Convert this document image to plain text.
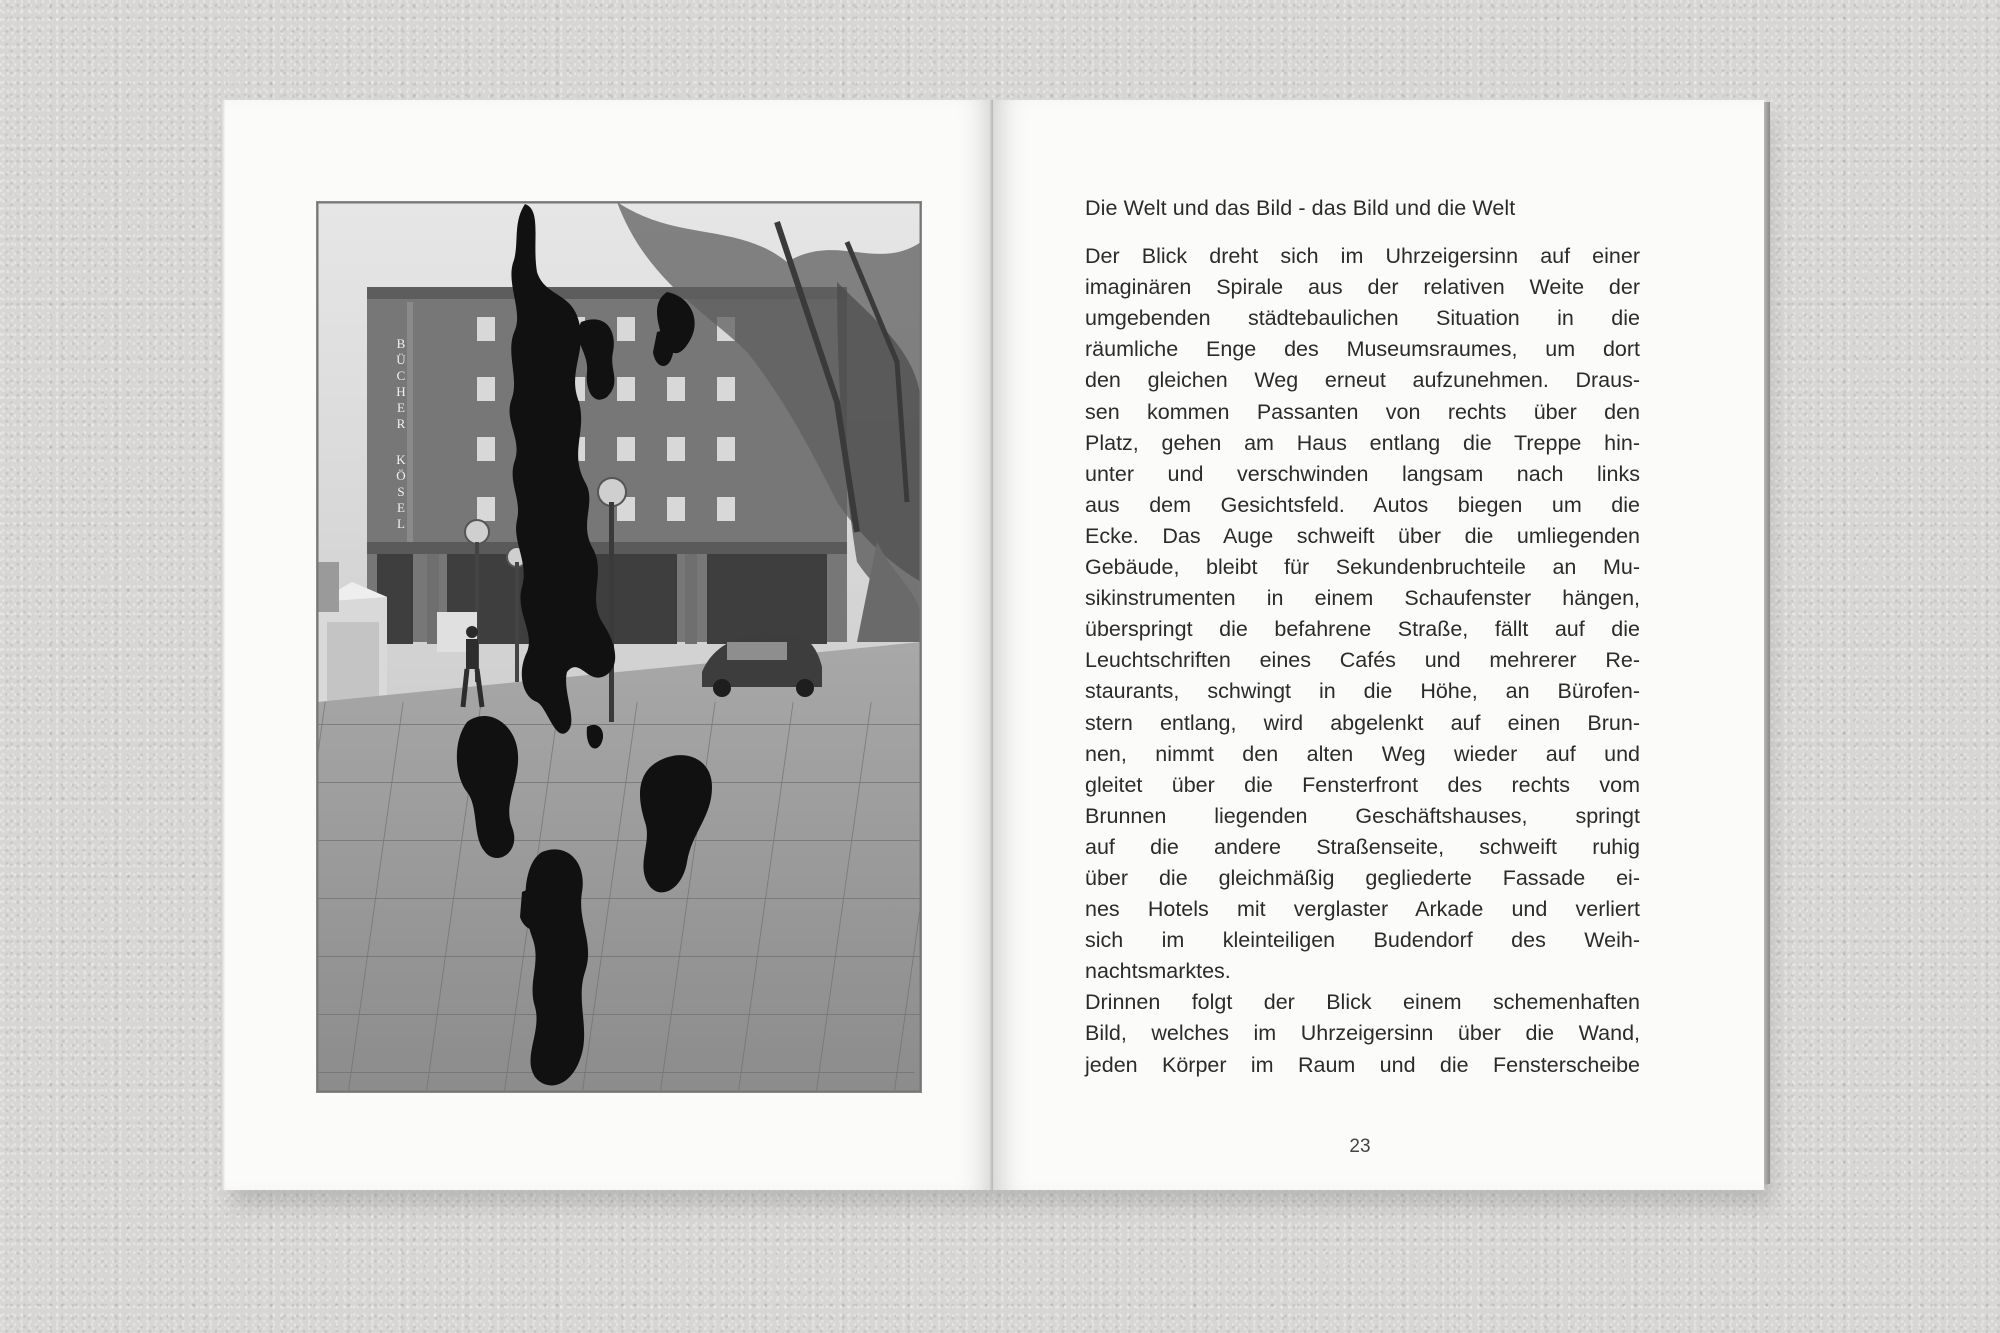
B
Ü
C
H
E
R
K
Ö
S
E
L
Die Welt und das Bild - das Bild und die Welt
Der Blick dreht sich im Uhrzeigersinn auf einer
imaginären Spirale aus der relativen Weite der
umgebenden städtebaulichen Situation in die
räumliche Enge des Museumsraumes, um dort
den gleichen Weg erneut aufzunehmen. Draus-
sen kommen Passanten von rechts über den
Platz, gehen am Haus entlang die Treppe hin-
unter und verschwinden langsam nach links
aus dem Gesichtsfeld. Autos biegen um die
Ecke. Das Auge schweift über die umliegenden
Gebäude, bleibt für Sekundenbruchteile an Mu-
sikinstrumenten in einem Schaufenster hängen,
überspringt die befahrene Straße, fällt auf die
Leuchtschriften eines Cafés und mehrerer Re-
staurants, schwingt in die Höhe, an Bürofen-
stern entlang, wird abgelenkt auf einen Brun-
nen, nimmt den alten Weg wieder auf und
gleitet über die Fensterfront des rechts vom
Brunnen liegenden Geschäftshauses, springt
auf die andere Straßenseite, schweift ruhig
über die gleichmäßig gegliederte Fassade ei-
nes Hotels mit verglaster Arkade und verliert
sich im kleinteiligen Budendorf des Weih-
nachtsmarktes.
Drinnen folgt der Blick einem schemenhaften
Bild, welches im Uhrzeigersinn über die Wand,
jeden Körper im Raum und die Fensterscheibe
23
